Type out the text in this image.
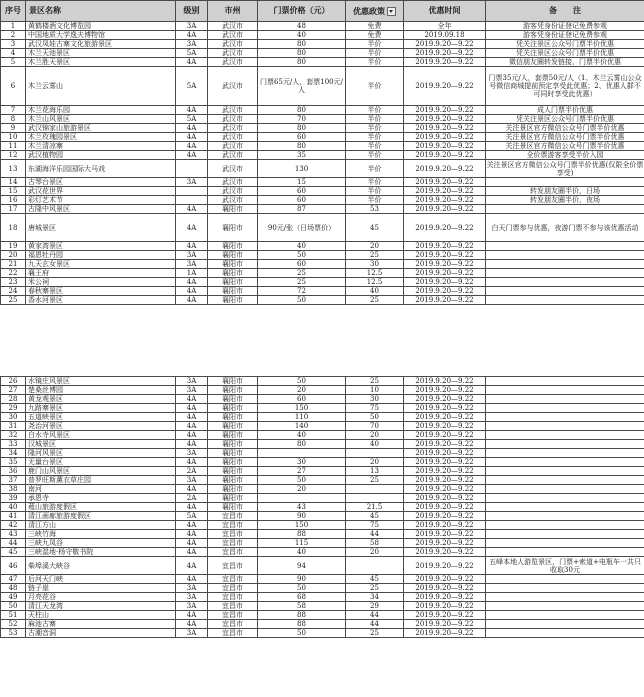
序号	景区名称	级别	市州	门票价格（元）	优惠政策	优惠时间	备　　注
1	黄鹤楼酒文化博览园	3A	武汉市	48	免费	全年	游客凭身份证登记免费参观
2	中国地质大学逸夫博物馆	4A	武汉市	40	免费	2019.09.18	游客凭身份证登记免费参观
3	武汉凤娃古寨文化旅游景区	3A	武汉市	80	半价	2019.9.20—9.22	凭关注景区公众号门票半价优惠
4	木兰天池景区	5A	武汉市	80	半价	2019.9.20—9.22	凭关注景区公众号门票半价优惠
5	木兰胜天景区	4A	武汉市	80	半价	2019.9.20—9.22	微信朋友圈转发链接，门票半价优惠
6	木兰云雾山	5A	武汉市	门票65元/人，套票100元/人	半价	2019.9.20—9.22	门票35元/人，套票50元/人（1、木兰云雾山公众号微信商城提前预定享受此优惠；2、优惠人群不可同时享受此优惠）
7	木兰花海乐园	4A	武汉市	80	半价	2019.9.20—9.22	成人门票半价优惠
8	木兰山风景区	5A	武汉市	70	半价	2019.9.20—9.22	凭关注景区公众号门票半价优惠
9	武汉锦家山旅游景区	4A	武汉市	80	半价	2019.9.20—9.22	关注景区官方微信公众号门票半价优惠
10	木兰玫瑰园景区	4A	武汉市	60	半价	2019.9.20—9.22	关注景区官方微信公众号门票半价优惠
11	木兰清凉寨	4A	武汉市	80	半价	2019.9.20—9.22	关注景区官方微信公众号门票半价优惠
12	武汉植物园	4A	武汉市	35	半价	2019.9.20—9.22	全价票游客享受半价入园
13	东湖海洋乐园国际大马戏		武汉市	130	半价	2019.9.20—9.22	关注景区官方微信公众号门票半价优惠(仅限全价票享受)
14	古琴台景区	3A	武汉市	15	半价	2019.9.20—9.22	
15	武汉花世界		武汉市	60	半价	2019.9.20—9.22	转发朋友圈半价，日场
16	彩灯艺术节		武汉市	60	半价	2019.9.20—9.22	转发朋友圈半价，夜场
17	古隆中风景区	4A	襄阳市	87	53	2019.9.20—9.22	
18	唐城景区	4A	襄阳市	90元/张（日场票价）	45	2019.9.20—9.22	白天门票参与优惠，夜游门票不参与该优惠活动
19	黄家湾景区	4A	襄阳市	40	20	2019.9.20—9.22	
20	福恩牡丹园	3A	襄阳市	50	25	2019.9.20—9.22	
21	九天玄女景区	3A	襄阳市	60	30	2019.9.20—9.22	
22	襄王府	1A	襄阳市	25	12.5	2019.9.20—9.22	
23	米公祠	4A	襄阳市	25	12.5	2019.9.20—9.22	
24	春秋寨景区	4A	襄阳市	72	40	2019.9.20—9.22	
25	香水河景区	4A	襄阳市	50	25	2019.9.20—9.22	
26	水镜庄风景区	3A	襄阳市	50	25	2019.9.20—9.22	
27	楚桑丝博园	3A	襄阳市	20	10	2019.9.20—9.22	
28	黄龙观景区	4A	襄阳市	60	30	2019.9.20—9.22	
29	九路寨景区	4A	襄阳市	150	75	2019.9.20—9.22	
30	五道峡景区	4A	襄阳市	110	50	2019.9.20—9.22	
31	尧治河景区	4A	襄阳市	140	70	2019.9.20—9.22	
32	白水寺风景区	4A	襄阳市	40	20	2019.9.20—9.22	
33	汉城景区	4A	襄阳市	80	40	2019.9.20—9.22	
34	隆河风景区	3A	襄阳市			2019.9.20—9.22	
35	无量台景区	4A	襄阳市	30	20	2019.9.20—9.22	
36	鹿门山风景区	2A	襄阳市	27	13	2019.9.20—9.22	
37	普罗旺斯薰衣草庄园	3A	襄阳市	50	25	2019.9.20—9.22	
38	南河	4A	襄阳市	20		2019.9.20—9.22	
39	承恩寺	2A	襄阳市			2019.9.20—9.22	
40	薤山旅游度假区	4A	襄阳市	43	21.5	2019.9.20—9.22	
41	清江画廊旅游度假区	5A	宜昌市	90	45	2019.9.20—9.22	
42	清江方山	4A	宜昌市	150	75	2019.9.20—9.22	
43	三峡竹海	4A	宜昌市	88	44	2019.9.20—9.22	
44	三峡九凤谷	4A	宜昌市	115	58	2019.9.20—9.22	
45	三峡湿地·杨守敬书院	4A	宜昌市	40	20	2019.9.20—9.22	
46	柴埠溪大峡谷	4A	宜昌市	94		2019.9.20—9.22	五峰本地人游览景区，门票+索道+电瓶车一共只收取30元
47	后河天门峡	4A	宜昌市	90	45	2019.9.20—9.22	
48	链子崖	3A	宜昌市	50	25	2019.9.20—9.22	
49	月亮花谷	3A	宜昌市	68	34	2019.9.20—9.22	
50	清江天龙湾	3A	宜昌市	58	29	2019.9.20—9.22	
51	天柱山	4A	宜昌市	88	44	2019.9.20—9.22	
52	麻池古寨	4A	宜昌市	88	44	2019.9.20—9.22	
53	古潮音洞	3A	宜昌市	50	25	2019.9.20—9.22	
